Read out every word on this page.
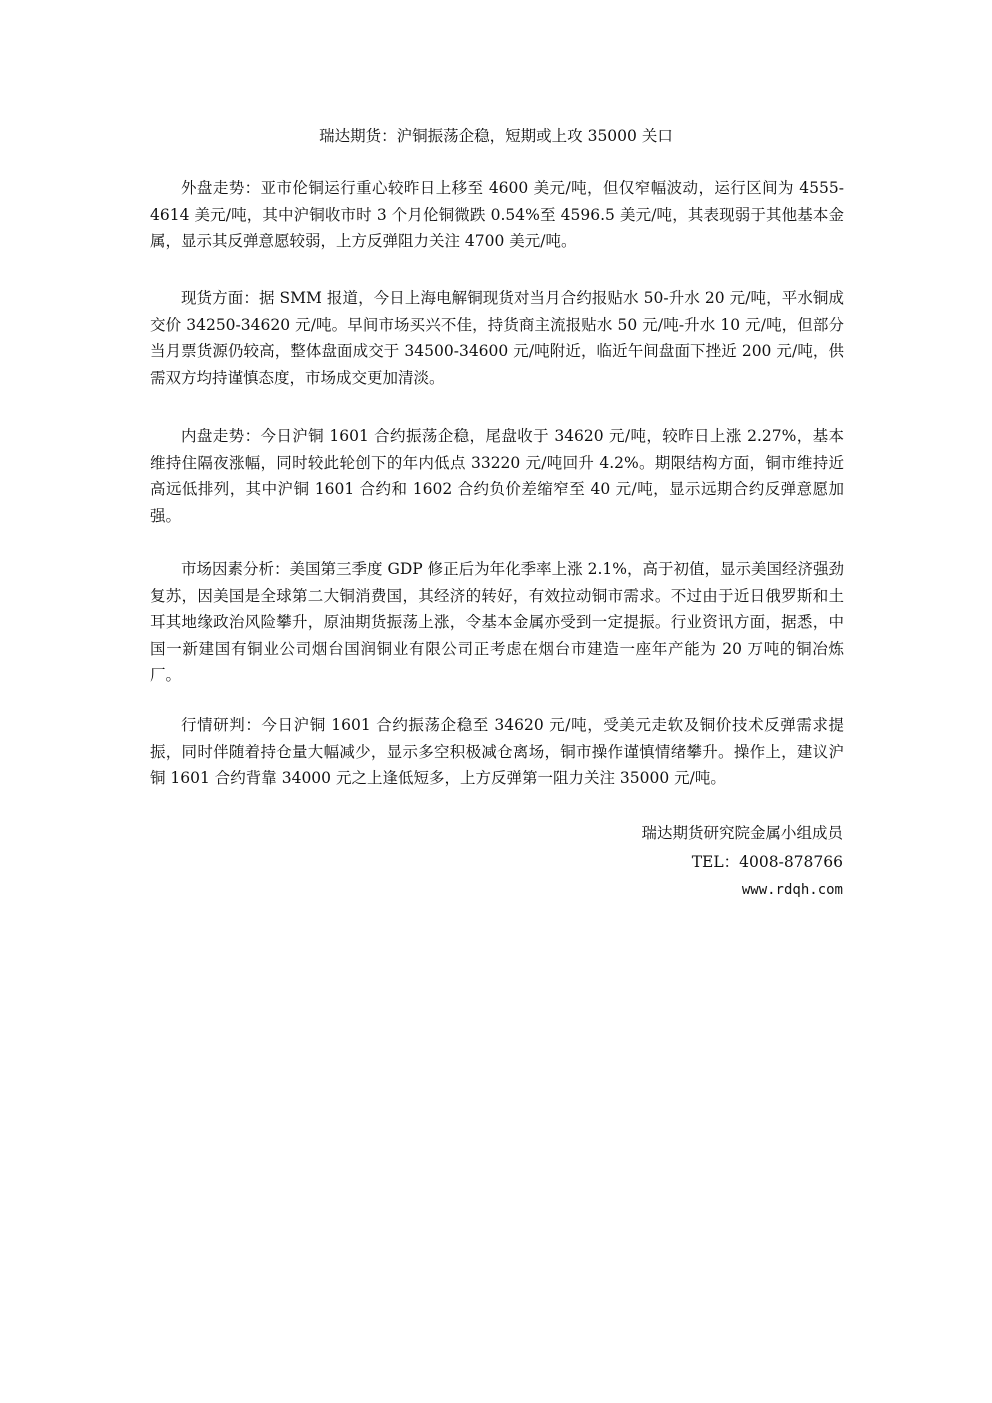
瑞达期货：沪铜振荡企稳，短期或上攻 35000 关口

外盘走势：亚市伦铜运行重心较昨日上移至 4600 美元/吨，但仅窄幅波动，运行区间为 4555-4614 美元/吨，其中沪铜收市时 3 个月伦铜微跌 0.54%至 4596.5 美元/吨，其表现弱于其他基本金属，显示其反弹意愿较弱，上方反弹阻力关注 4700 美元/吨。

现货方面：据 SMM 报道，今日上海电解铜现货对当月合约报贴水 50-升水 20 元/吨，平水铜成交价 34250-34620 元/吨。早间市场买兴不佳，持货商主流报贴水 50 元/吨-升水 10 元/吨，但部分当月票货源仍较高，整体盘面成交于 34500-34600 元/吨附近，临近午间盘面下挫近 200 元/吨，供需双方均持谨慎态度，市场成交更加清淡。

内盘走势：今日沪铜 1601 合约振荡企稳，尾盘收于 34620 元/吨，较昨日上涨 2.27%，基本维持住隔夜涨幅，同时较此轮创下的年内低点 33220 元/吨回升 4.2%。期限结构方面，铜市维持近高远低排列，其中沪铜 1601 合约和 1602 合约负价差缩窄至 40 元/吨，显示远期合约反弹意愿加强。

市场因素分析：美国第三季度 GDP 修正后为年化季率上涨 2.1%，高于初值，显示美国经济强劲复苏，因美国是全球第二大铜消费国，其经济的转好，有效拉动铜市需求。不过由于近日俄罗斯和土耳其地缘政治风险攀升，原油期货振荡上涨，令基本金属亦受到一定提振。行业资讯方面，据悉，中国一新建国有铜业公司烟台国润铜业有限公司正考虑在烟台市建造一座年产能为 20 万吨的铜冶炼厂。

行情研判：今日沪铜 1601 合约振荡企稳至 34620 元/吨，受美元走软及铜价技术反弹需求提振，同时伴随着持仓量大幅减少，显示多空积极减仓离场，铜市操作谨慎情绪攀升。操作上，建议沪铜 1601 合约背靠 34000 元之上逢低短多，上方反弹第一阻力关注 35000 元/吨。

瑞达期货研究院金属小组成员
TEL：4008-878766
www.rdqh.com
